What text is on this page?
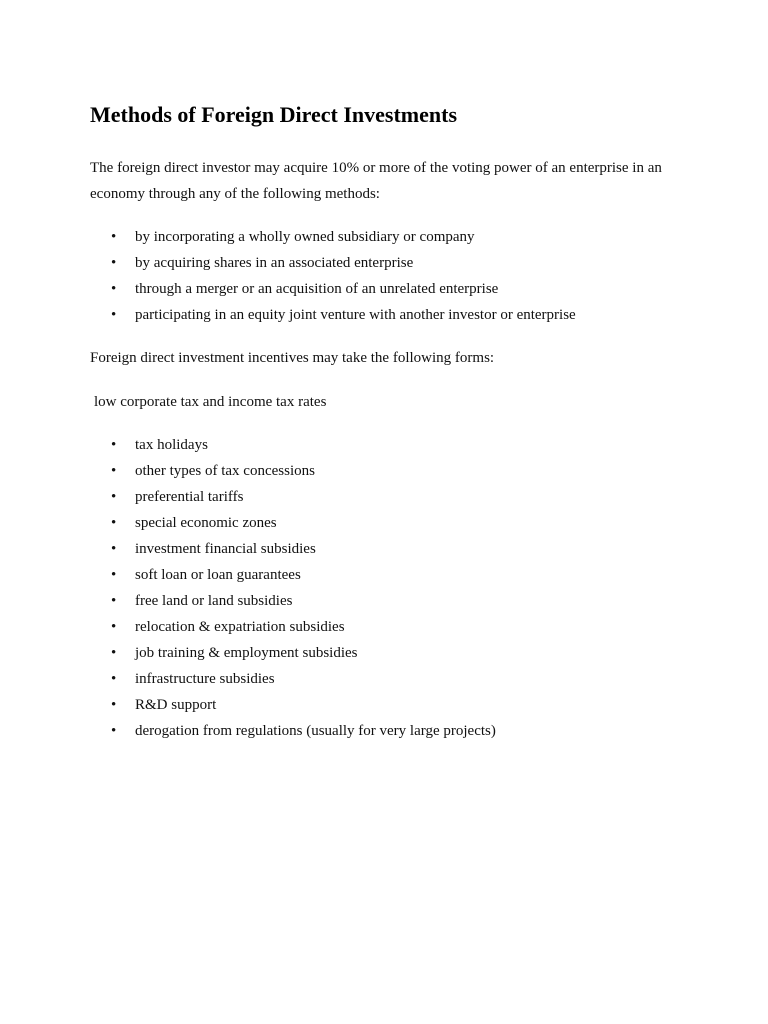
Methods of Foreign Direct Investments

The foreign direct investor may acquire 10% or more of the voting power of an enterprise in an economy through any of the following methods:

• by incorporating a wholly owned subsidiary or company
• by acquiring shares in an associated enterprise
• through a merger or an acquisition of an unrelated enterprise
• participating in an equity joint venture with another investor or enterprise

Foreign direct investment incentives may take the following forms:

low corporate tax and income tax rates

• tax holidays
• other types of tax concessions
• preferential tariffs
• special economic zones
• investment financial subsidies
• soft loan or loan guarantees
• free land or land subsidies
• relocation & expatriation subsidies
• job training & employment subsidies
• infrastructure subsidies
• R&D support
• derogation from regulations (usually for very large projects)
